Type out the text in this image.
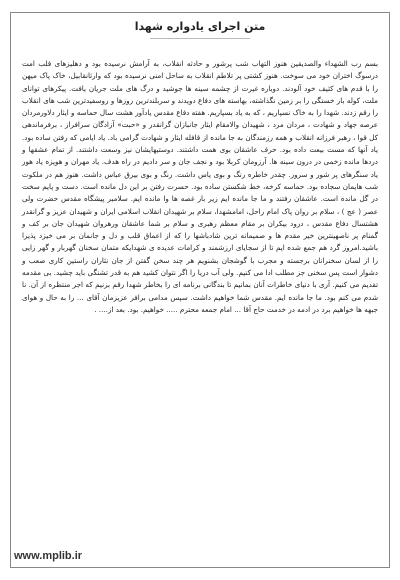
متن اجرای یادواره شهدا
بسم رب الشهداء والصدیقین هنوز التهاب شب پرشور و حادثه انقلاب، به آرامش نرسیده بود و دهلیزهای قلب امت درسوگ اختران خود می سوخت. هنوز کشتی پر تلاطم انقلاب به ساحل امنی نرسیده بود که وارثانقابیل، خاک پاک میهن را با قدم های کثیف خود آلودند. دوباره غیرت از چشمه سینه ها جوشید و درگ های ملت جریان یافت. پیکرهای توانای ملت، کوله بار خستگی را بر زمین نگذاشته، بهاسته های دفاع دویدند و سربلندترین روزها و روسفیدترین شب های انقلاب را رقم زدند. شهدا را به خاک نسپاریم ، که به یاد بسپاریم. هفته دفاع مقدس یادآور هشت سال حماسه و ایثار دلاورمردان عرصه جهاد و شهادت ، مردان مرد ، شهیدان والامقام ایثار جانبازان گرانقدر و «حبت» آزادگان سرافراز ، برفرماندهی کل قوا ، رهبر فرزانه انقلاب و همه رزمندگان به جا مانده از قافله ایثار و شهادت گرامی باد. یاد ایامی که رفتن ساده بود. یاد آنها که مست بیعت داده بود. حرف عاشقان بوی همت داشتند. دوستیهایشان نیز وسعت داشتند. از تمام عشقها و دردها مانده زخمی در درون سینه ها. آرزومان کربلا بود و نجف جان و سر دادیم در راه هدف. یاد مهران و هویزه یاد هور یاد سنگرهای پر شور و سرور. چقدر خاطره رنگ و بوی یاس داشت. رنگ و بوی بیرق عباس داشت. هنوز هم در ملکوت شب هایمان سجاده بود. حماسه کرخه، خط شکستن ساده بود. حسرت رفتن بر این دل مانده است. دست و پایم سخت در گل مانده است. عاشقان رفتند و ما جا مانده ایم زیر بار غصه ها وا مانده ایم. سلامبر پیشگاه مقدس حضرت ولی عصر ( عج ) ، سلام بر روان پاک امام راحل، امامشهدا، سلام بر شهیدان انقلاب اسلامی ایران و شهیدان عزیز و گرانقدر هشتسال دفاع مقدس ، درود بیکران بر مقام معظم رهبری و سلام بر شما عاشقان ورهروان شهیدان جان بر کف و گمنام پر ناصهینترین خیر مقدم ها و صمیمانه ترین شادباشها را که از اعماق قلب و دل و جانمان بر می خیزد پذیرا باشید.امروز گرد هم جمع شده ایم تا از سجایای ارزشمند و کرامات عدیده ی شهدایکه متمان سخنان گهربار و گهر زایی را از لسان سخنرانان برجسته و مجرب با گوشجان بشنویم هر چند سخن گفتن از جان نثاران راستین کاری صعب و دشوار است پس سخنی جز مطلب ادا می کنیم. ولی آب دریا را اگر نتوان کشید هم به قدر تشنگی باید چشید. بی مقدمه تقدیم می کنیم. آری با دنیای خاطرات آنان بمانیم تا بندگانی برنامه ای را بخاطر شهدا رقم بزنیم که اجر منتظره از آن. نا شدم می کنم بود. ما جا مانده ایم. مقدس شما خواهیم داشت. سپس مدامی برافر عزیزمان آقای ... را به حال و هوای جبهه ها خواهیم برد در ادمه در خدمت حاج آقا ... امام جمعه محترم ..... خواهیم. بود. بعد از.... .
www.mplib.ir
